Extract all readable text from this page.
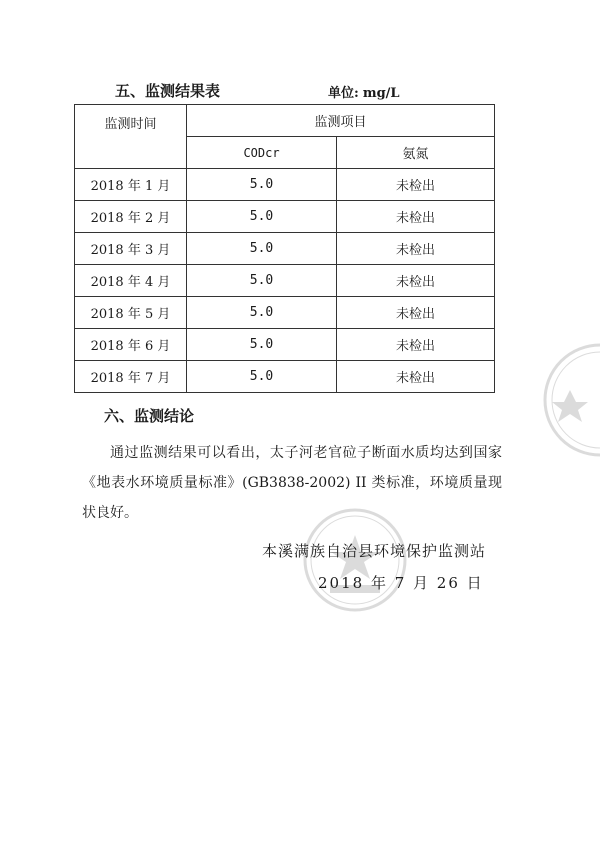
五、监测结果表	单位: mg/L
监测时间	监测项目	
	CODcr	氨氮
2018 年 1 月	5.0	未检出
2018 年 2 月	5.0	未检出
2018 年 3 月	5.0	未检出
2018 年 4 月	5.0	未检出
2018 年 5 月	5.0	未检出
2018 年 6 月	5.0	未检出
2018 年 7 月	5.0	未检出
六、监测结论

通过监测结果可以看出，太子河老官砬子断面水质均达到国家《地表水环境质量标准》(GB3838-2002) II 类标准，环境质量现状良好。

本溪满族自治县环境保护监测站
2018 年 7 月 26 日
